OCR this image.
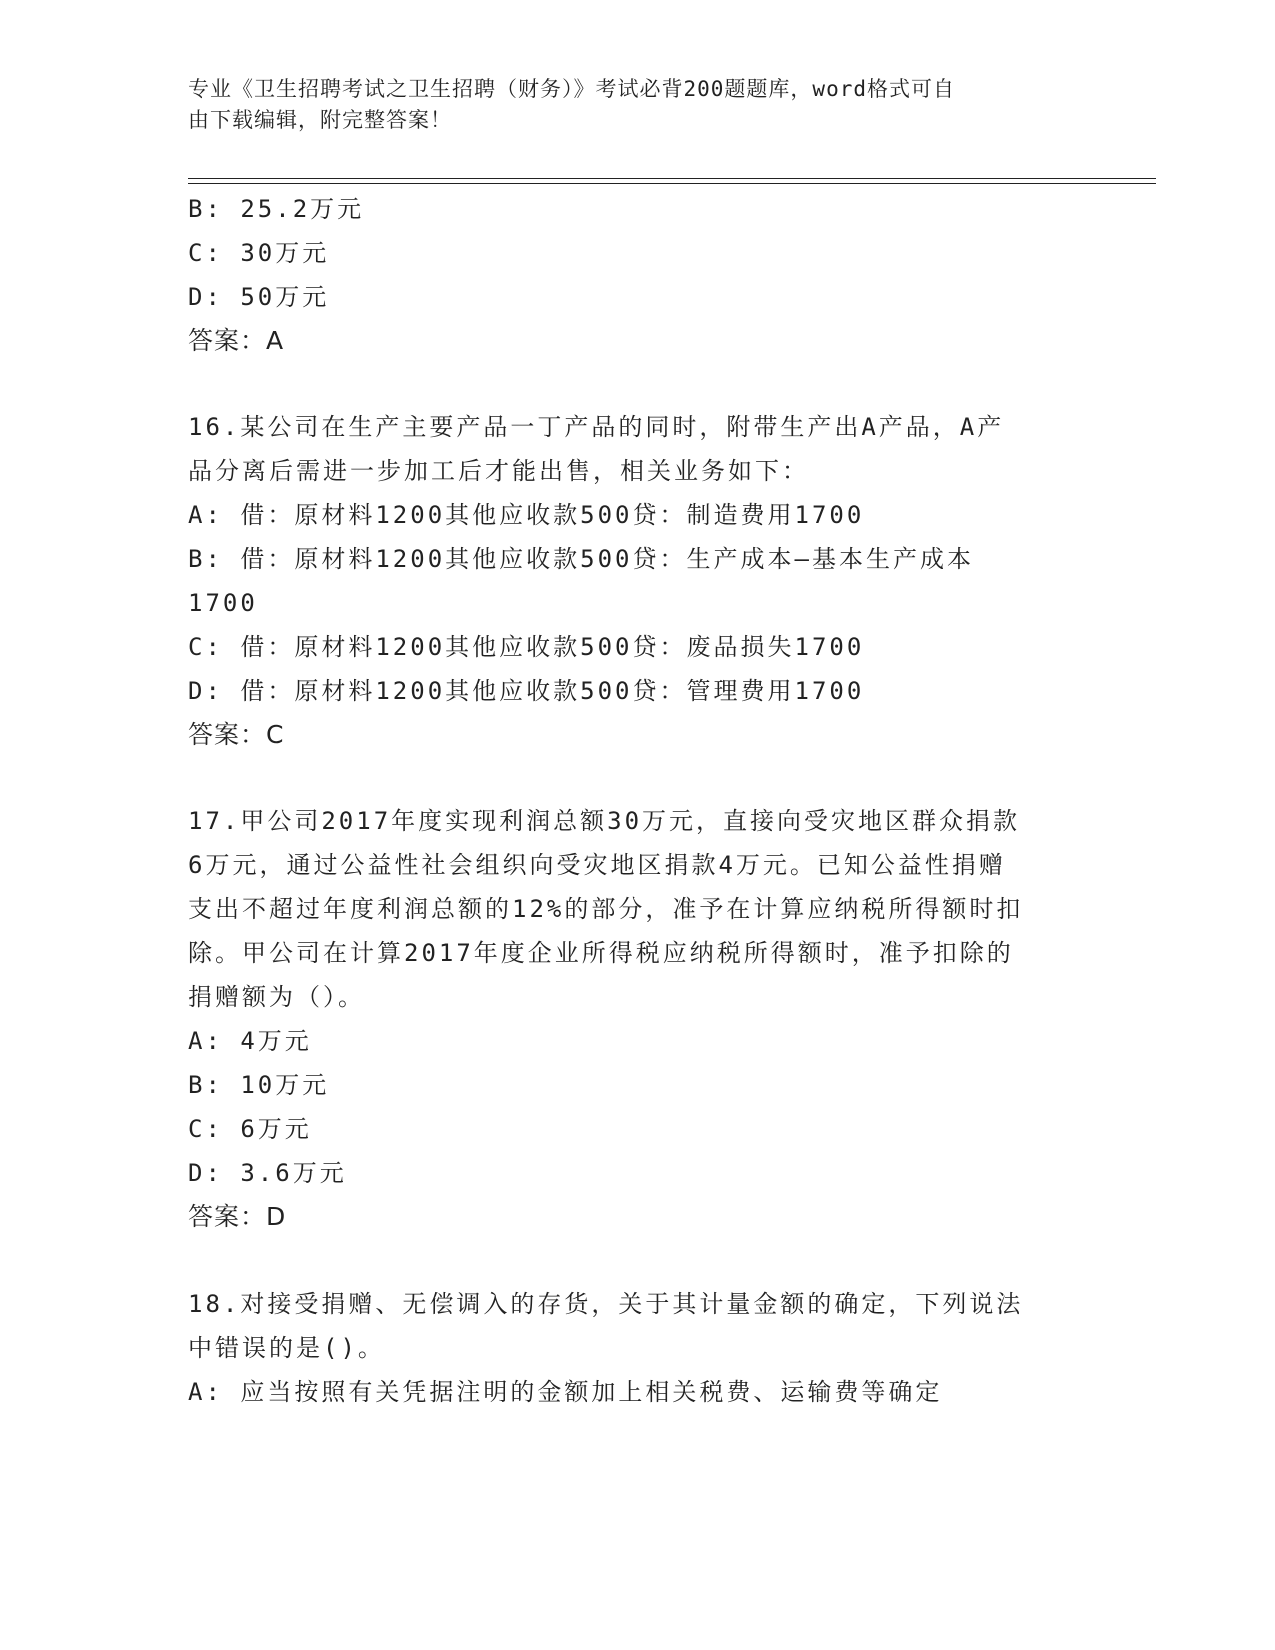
专业《卫生招聘考试之卫生招聘（财务）》考试必背200题题库，word格式可自
由下载编辑，附完整答案！
B: 25.2万元
C: 30万元
D: 50万元
答案：A
16.某公司在生产主要产品一丁产品的同时，附带生产出A产品，A产
品分离后需进一步加工后才能出售，相关业务如下：
A: 借：原材料1200其他应收款500贷：制造费用1700
B: 借：原材料1200其他应收款500贷：生产成本—基本生产成本
1700
C: 借：原材料1200其他应收款500贷：废品损失1700
D: 借：原材料1200其他应收款500贷：管理费用1700
答案：C
17.甲公司2017年度实现利润总额30万元，直接向受灾地区群众捐款
6万元，通过公益性社会组织向受灾地区捐款4万元。已知公益性捐赠
支出不超过年度利润总额的12%的部分，准予在计算应纳税所得额时扣
除。甲公司在计算2017年度企业所得税应纳税所得额时，准予扣除的
捐赠额为（）。
A: 4万元
B: 10万元
C: 6万元
D: 3.6万元
答案：D
18.对接受捐赠、无偿调入的存货，关于其计量金额的确定，下列说法
中错误的是()。
A: 应当按照有关凭据注明的金额加上相关税费、运输费等确定
